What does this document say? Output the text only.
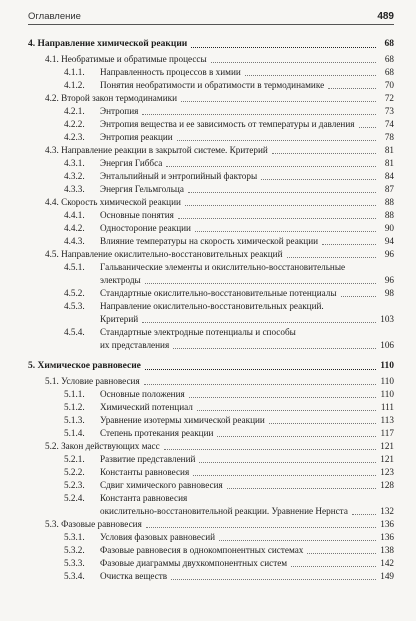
Оглавление	489
4. Направление химической реакции	68
4.1. Необратимые и обратимые процессы	68
4.1.1. Направленность процессов в химии	68
4.1.2. Понятия необратимости и обратимости в термодинамике	70
4.2. Второй закон термодинамики	72
4.2.1. Энтропия	73
4.2.2. Энтропия вещества и ее зависимость от температуры и давления	74
4.2.3. Энтропия реакции	78
4.3. Направление реакции в закрытой системе. Критерий	81
4.3.1. Энергия Гиббса	81
4.3.2. Энтальпийный и энтропийный факторы	84
4.3.3. Энергия Гельмгольца	87
4.4. Скорость химической реакции	88
4.4.1. Основные понятия	88
4.4.2. Одностороние реакции	90
4.4.3. Влияние температуры на скорость химической реакции	94
4.5. Направление окислительно-восстановительных реакций	96
4.5.1. Гальванические элементы и окислительно-восстановительные
электроды	96
4.5.2. Стандартные окислительно-восстановительные потенциалы	98
4.5.3. Направление окислительно-восстановительных реакций.
Критерий	103
4.5.4. Стандартные электродные потенциалы и способы
их представления	106
5. Химическое равновесие	110
5.1. Условие равновесия	110
5.1.1. Основные положения	110
5.1.2. Химический потенциал	111
5.1.3. Уравнение изотермы химической реакции	113
5.1.4. Степень протекания реакции	117
5.2. Закон действующих масс	121
5.2.1. Развитие представлений	121
5.2.2. Константы равновесия	123
5.2.3. Сдвиг химического равновесия	128
5.2.4. Константа равновесия
окислительно-восстановительной реакции. Уравнение Нернста	132
5.3. Фазовые равновесия	136
5.3.1. Условия фазовых равновесий	136
5.3.2. Фазовые равновесия в однокомпонентных системах	138
5.3.3. Фазовые диаграммы двухкомпонентных систем	142
5.3.4. Очистка веществ	149
